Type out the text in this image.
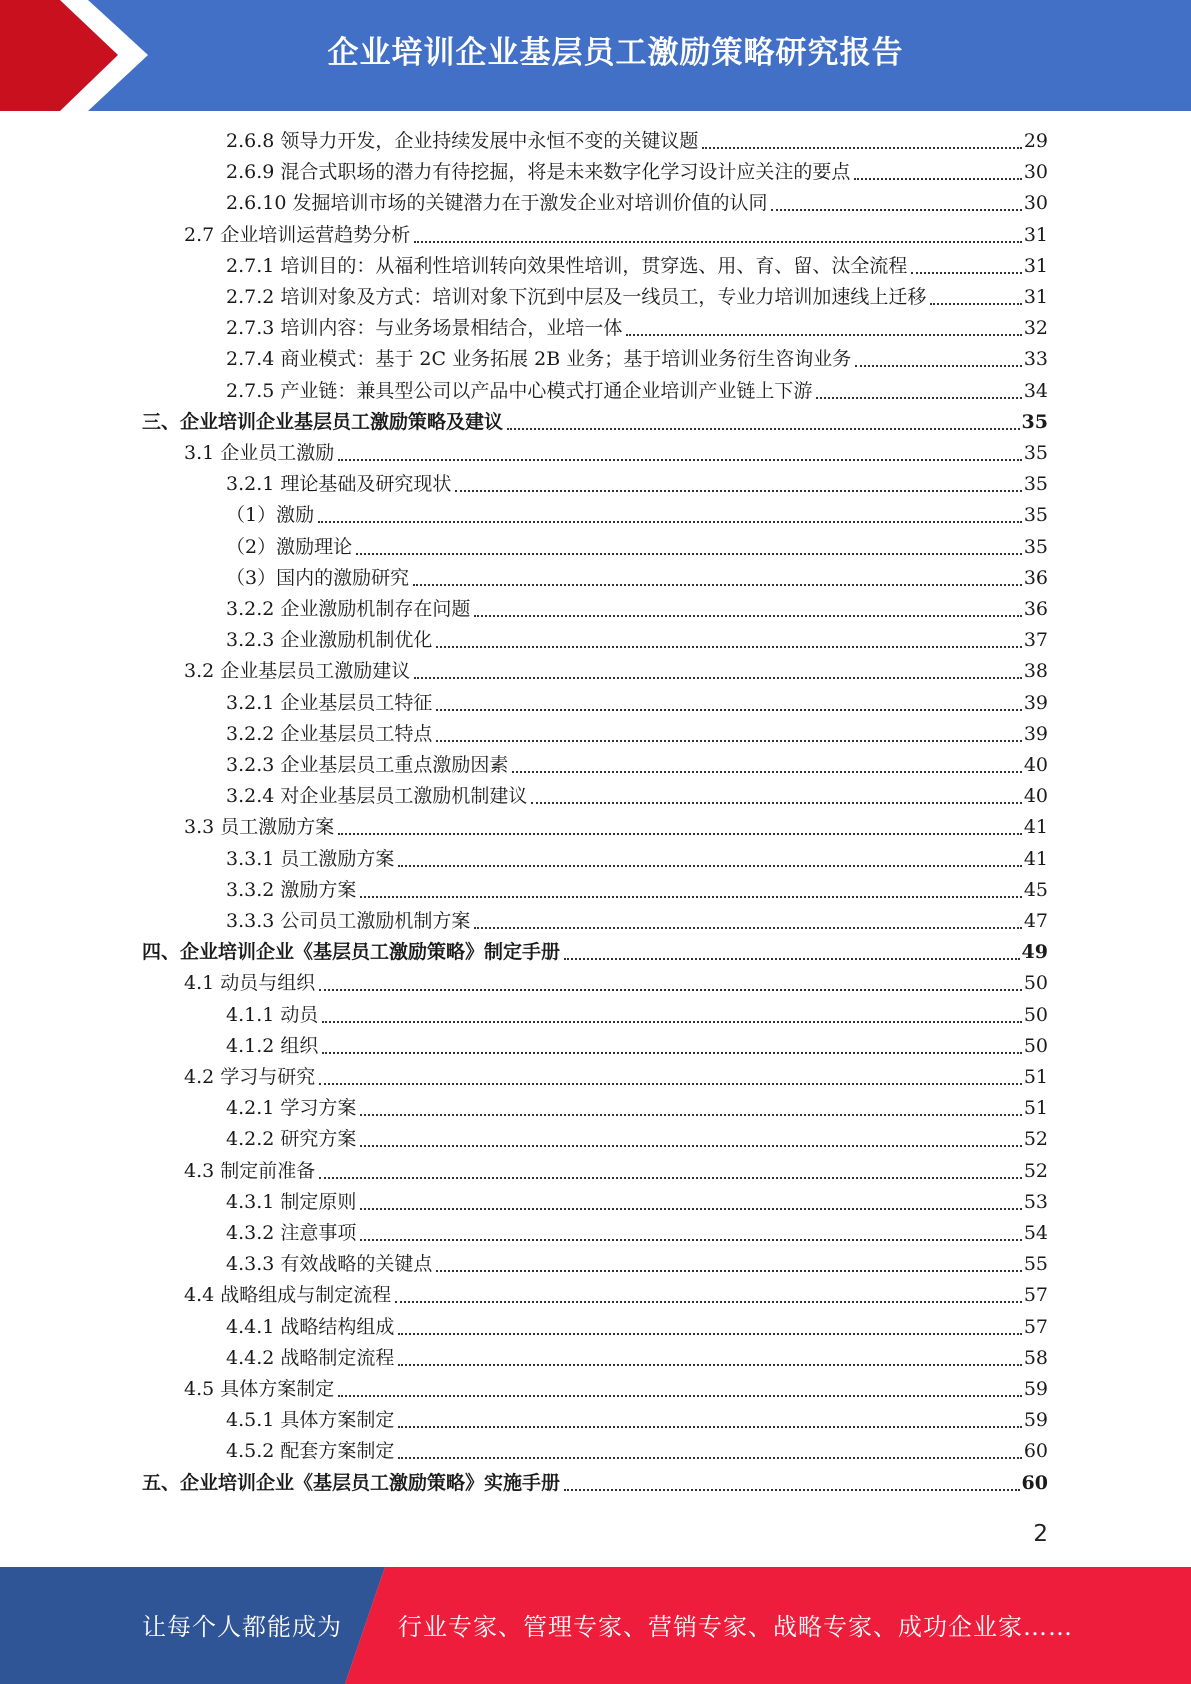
企业培训企业基层员工激励策略研究报告
2.6.8 领导力开发，企业持续发展中永恒不变的关键议题	29
2.6.9 混合式职场的潜力有待挖掘，将是未来数字化学习设计应关注的要点	30
2.6.10 发掘培训市场的关键潜力在于激发企业对培训价值的认同	30
2.7 企业培训运营趋势分析	31
2.7.1 培训目的：从福利性培训转向效果性培训，贯穿选、用、育、留、汰全流程	31
2.7.2 培训对象及方式：培训对象下沉到中层及一线员工，专业力培训加速线上迁移	31
2.7.3 培训内容：与业务场景相结合，业培一体	32
2.7.4 商业模式：基于 2C 业务拓展 2B 业务；基于培训业务衍生咨询业务	33
2.7.5 产业链：兼具型公司以产品中心模式打通企业培训产业链上下游	34
三、企业培训企业基层员工激励策略及建议	35
3.1 企业员工激励	35
3.2.1 理论基础及研究现状	35
（1）激励	35
（2）激励理论	35
（3）国内的激励研究	36
3.2.2 企业激励机制存在问题	36
3.2.3 企业激励机制优化	37
3.2 企业基层员工激励建议	38
3.2.1 企业基层员工特征	39
3.2.2 企业基层员工特点	39
3.2.3 企业基层员工重点激励因素	40
3.2.4 对企业基层员工激励机制建议	40
3.3 员工激励方案	41
3.3.1 员工激励方案	41
3.3.2 激励方案	45
3.3.3 公司员工激励机制方案	47
四、企业培训企业《基层员工激励策略》制定手册	49
4.1 动员与组织	50
4.1.1 动员	50
4.1.2 组织	50
4.2 学习与研究	51
4.2.1 学习方案	51
4.2.2 研究方案	52
4.3 制定前准备	52
4.3.1 制定原则	53
4.3.2 注意事项	54
4.3.3 有效战略的关键点	55
4.4 战略组成与制定流程	57
4.4.1 战略结构组成	57
4.4.2 战略制定流程	58
4.5 具体方案制定	59
4.5.1 具体方案制定	59
4.5.2 配套方案制定	60
五、企业培训企业《基层员工激励策略》实施手册	60
2
让每个人都能成为 行业专家、管理专家、营销专家、战略专家、成功企业家……
